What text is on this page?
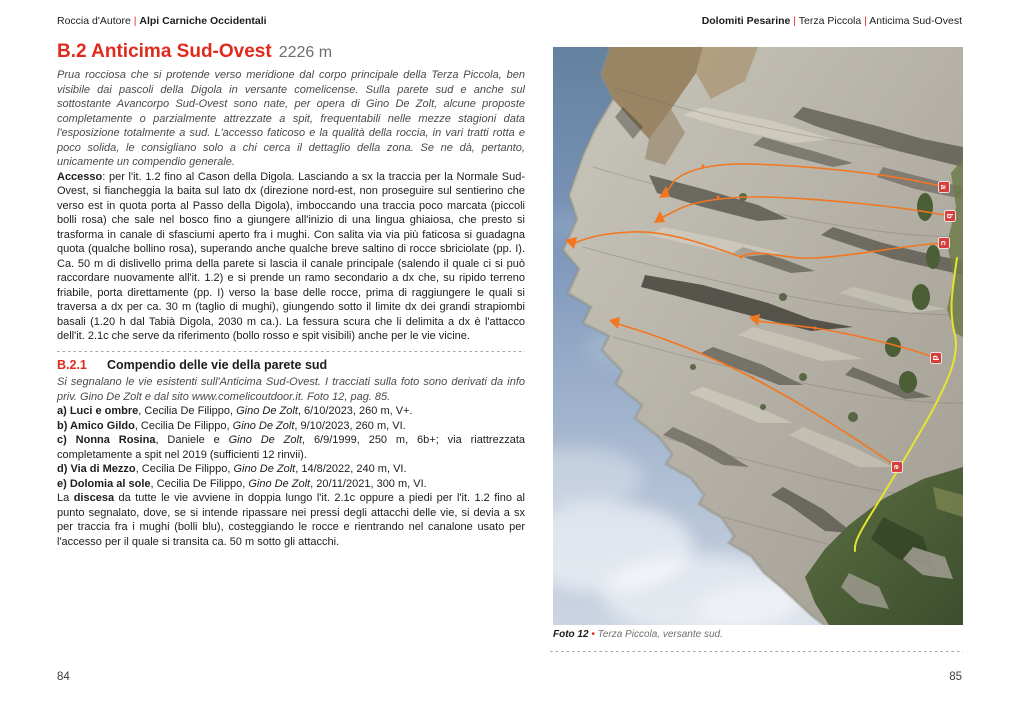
Roccia d'Autore | Alpi Carniche Occidentali	Dolomiti Pesarine | Terza Piccola | Anticima Sud-Ovest
B.2 Anticima Sud-Ovest 2226 m

Prua rocciosa che si protende verso meridione dal corpo principale della Terza Piccola, ben visibile dai pascoli della Digola in versante comelicense. Sulla parete sud e anche sul sottostante Avancorpo Sud-Ovest sono nate, per opera di Gino De Zolt, alcune proposte completamente o parzialmente attrezzate a spit, frequentabili nelle mezze stagioni data l'esposizione totalmente a sud. L'accesso faticoso e la qualità della roccia, in vari tratti rotta e poco solida, le consigliano solo a chi cerca il dettaglio della zona. Se ne dà, pertanto, unicamente un compendio generale.

Accesso: per l'it. 1.2 fino al Cason della Digola. Lasciando a sx la traccia per la Normale Sud-Ovest, si fiancheggia la baita sul lato dx (direzione nord-est, non proseguire sul sentierino che verso est in quota porta al Passo della Digola), imboccando una traccia poco marcata (piccoli bolli rosa) che sale nel bosco fino a giungere all'inizio di una lingua ghiaiosa, che presto si trasforma in canale di sfasciumi aperto fra i mughi. Con salita via via più faticosa si guadagna quota (qualche bollino rosa), superando anche qualche breve saltino di rocce sbriciolate (pp. I). Ca. 50 m di dislivello prima della parete si lascia il canale principale (salendo il quale ci si può raccordare nuovamente all'it. 1.2) e si prende un ramo secondario a dx che, su ripido terreno friabile, porta direttamente (pp. I) verso la base delle rocce, prima di raggiungere le quali si traversa a dx per ca. 30 m (taglio di mughi), giungendo sotto il limite dx dei grandi strapiombi basali (1.20 h dal Tabià Digola, 2030 m ca.). La fessura scura che li delimita a dx è l'attacco dell'it. 2.1c che serve da riferimento (bollo rosso e spit visibili) anche per le vie vicine.

B.2.1 Compendio delle vie della parete sud

Si segnalano le vie esistenti sull'Anticima Sud-Ovest. I tracciati sulla foto sono derivati da info priv. Gino De Zolt e dal sito www.comelicoutdoor.it. Foto 12, pag. 85.

a) Luci e ombre, Cecilia De Filippo, Gino De Zolt, 6/10/2023, 260 m, V+.

b) Amico Gildo, Cecilia De Filippo, Gino De Zolt, 9/10/2023, 260 m, VI.

c) Nonna Rosina, Daniele e Gino De Zolt, 6/9/1999, 250 m, 6b+; via riattrezzata completamente a spit nel 2019 (sufficienti 12 rinvii).

d) Via di Mezzo, Cecilia De Filippo, Gino De Zolt, 14/8/2022, 240 m, VI.

e) Dolomia al sole, Cecilia De Filippo, Gino De Zolt, 20/11/2021, 300 m, VI.

La discesa da tutte le vie avviene in doppia lungo l'it. 2.1c oppure a piedi per l'it. 1.2 fino al punto segnalato, dove, se si intende ripassare nei pressi degli attacchi delle vie, si devia a sx per traccia fra i mughi (bolli blu), costeggiando le rocce e rientrando nel canalone usato per l'accesso per il quale si transita ca. 50 m sotto gli attacchi.

a
b
c
d
e

Foto 12 • Terza Piccola, versante sud.

84	85
